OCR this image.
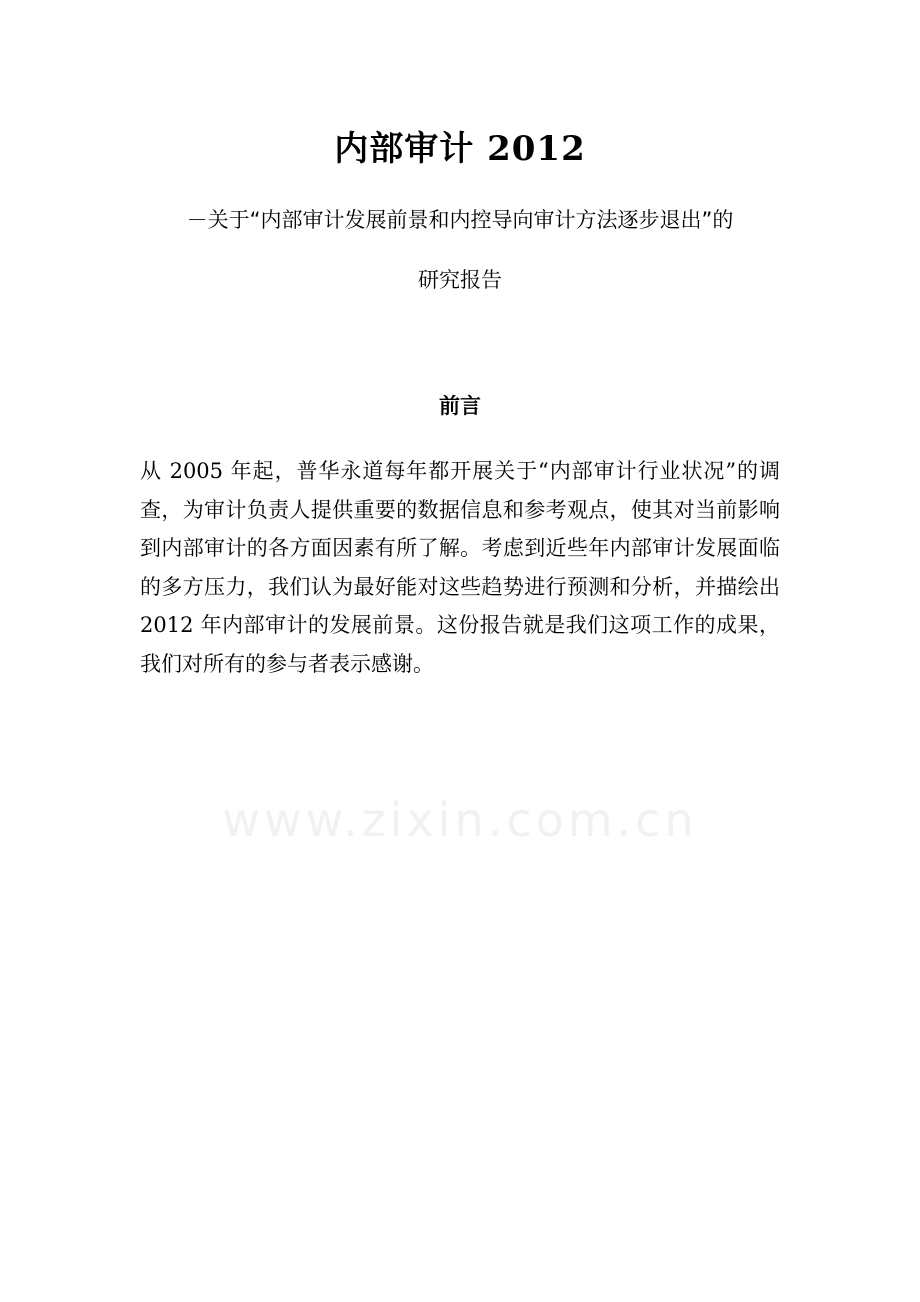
www.zixin.com.cn
内部审计 2012
－关于“内部审计发展前景和内控导向审计方法逐步退出”的
研究报告
前言
从 2005 年起，普华永道每年都开展关于“内部审计行业状况”的调
查，为审计负责人提供重要的数据信息和参考观点，使其对当前影响
到内部审计的各方面因素有所了解。考虑到近些年内部审计发展面临
的多方压力，我们认为最好能对这些趋势进行预测和分析，并描绘出
2012 年内部审计的发展前景。这份报告就是我们这项工作的成果，
我们对所有的参与者表示感谢。
